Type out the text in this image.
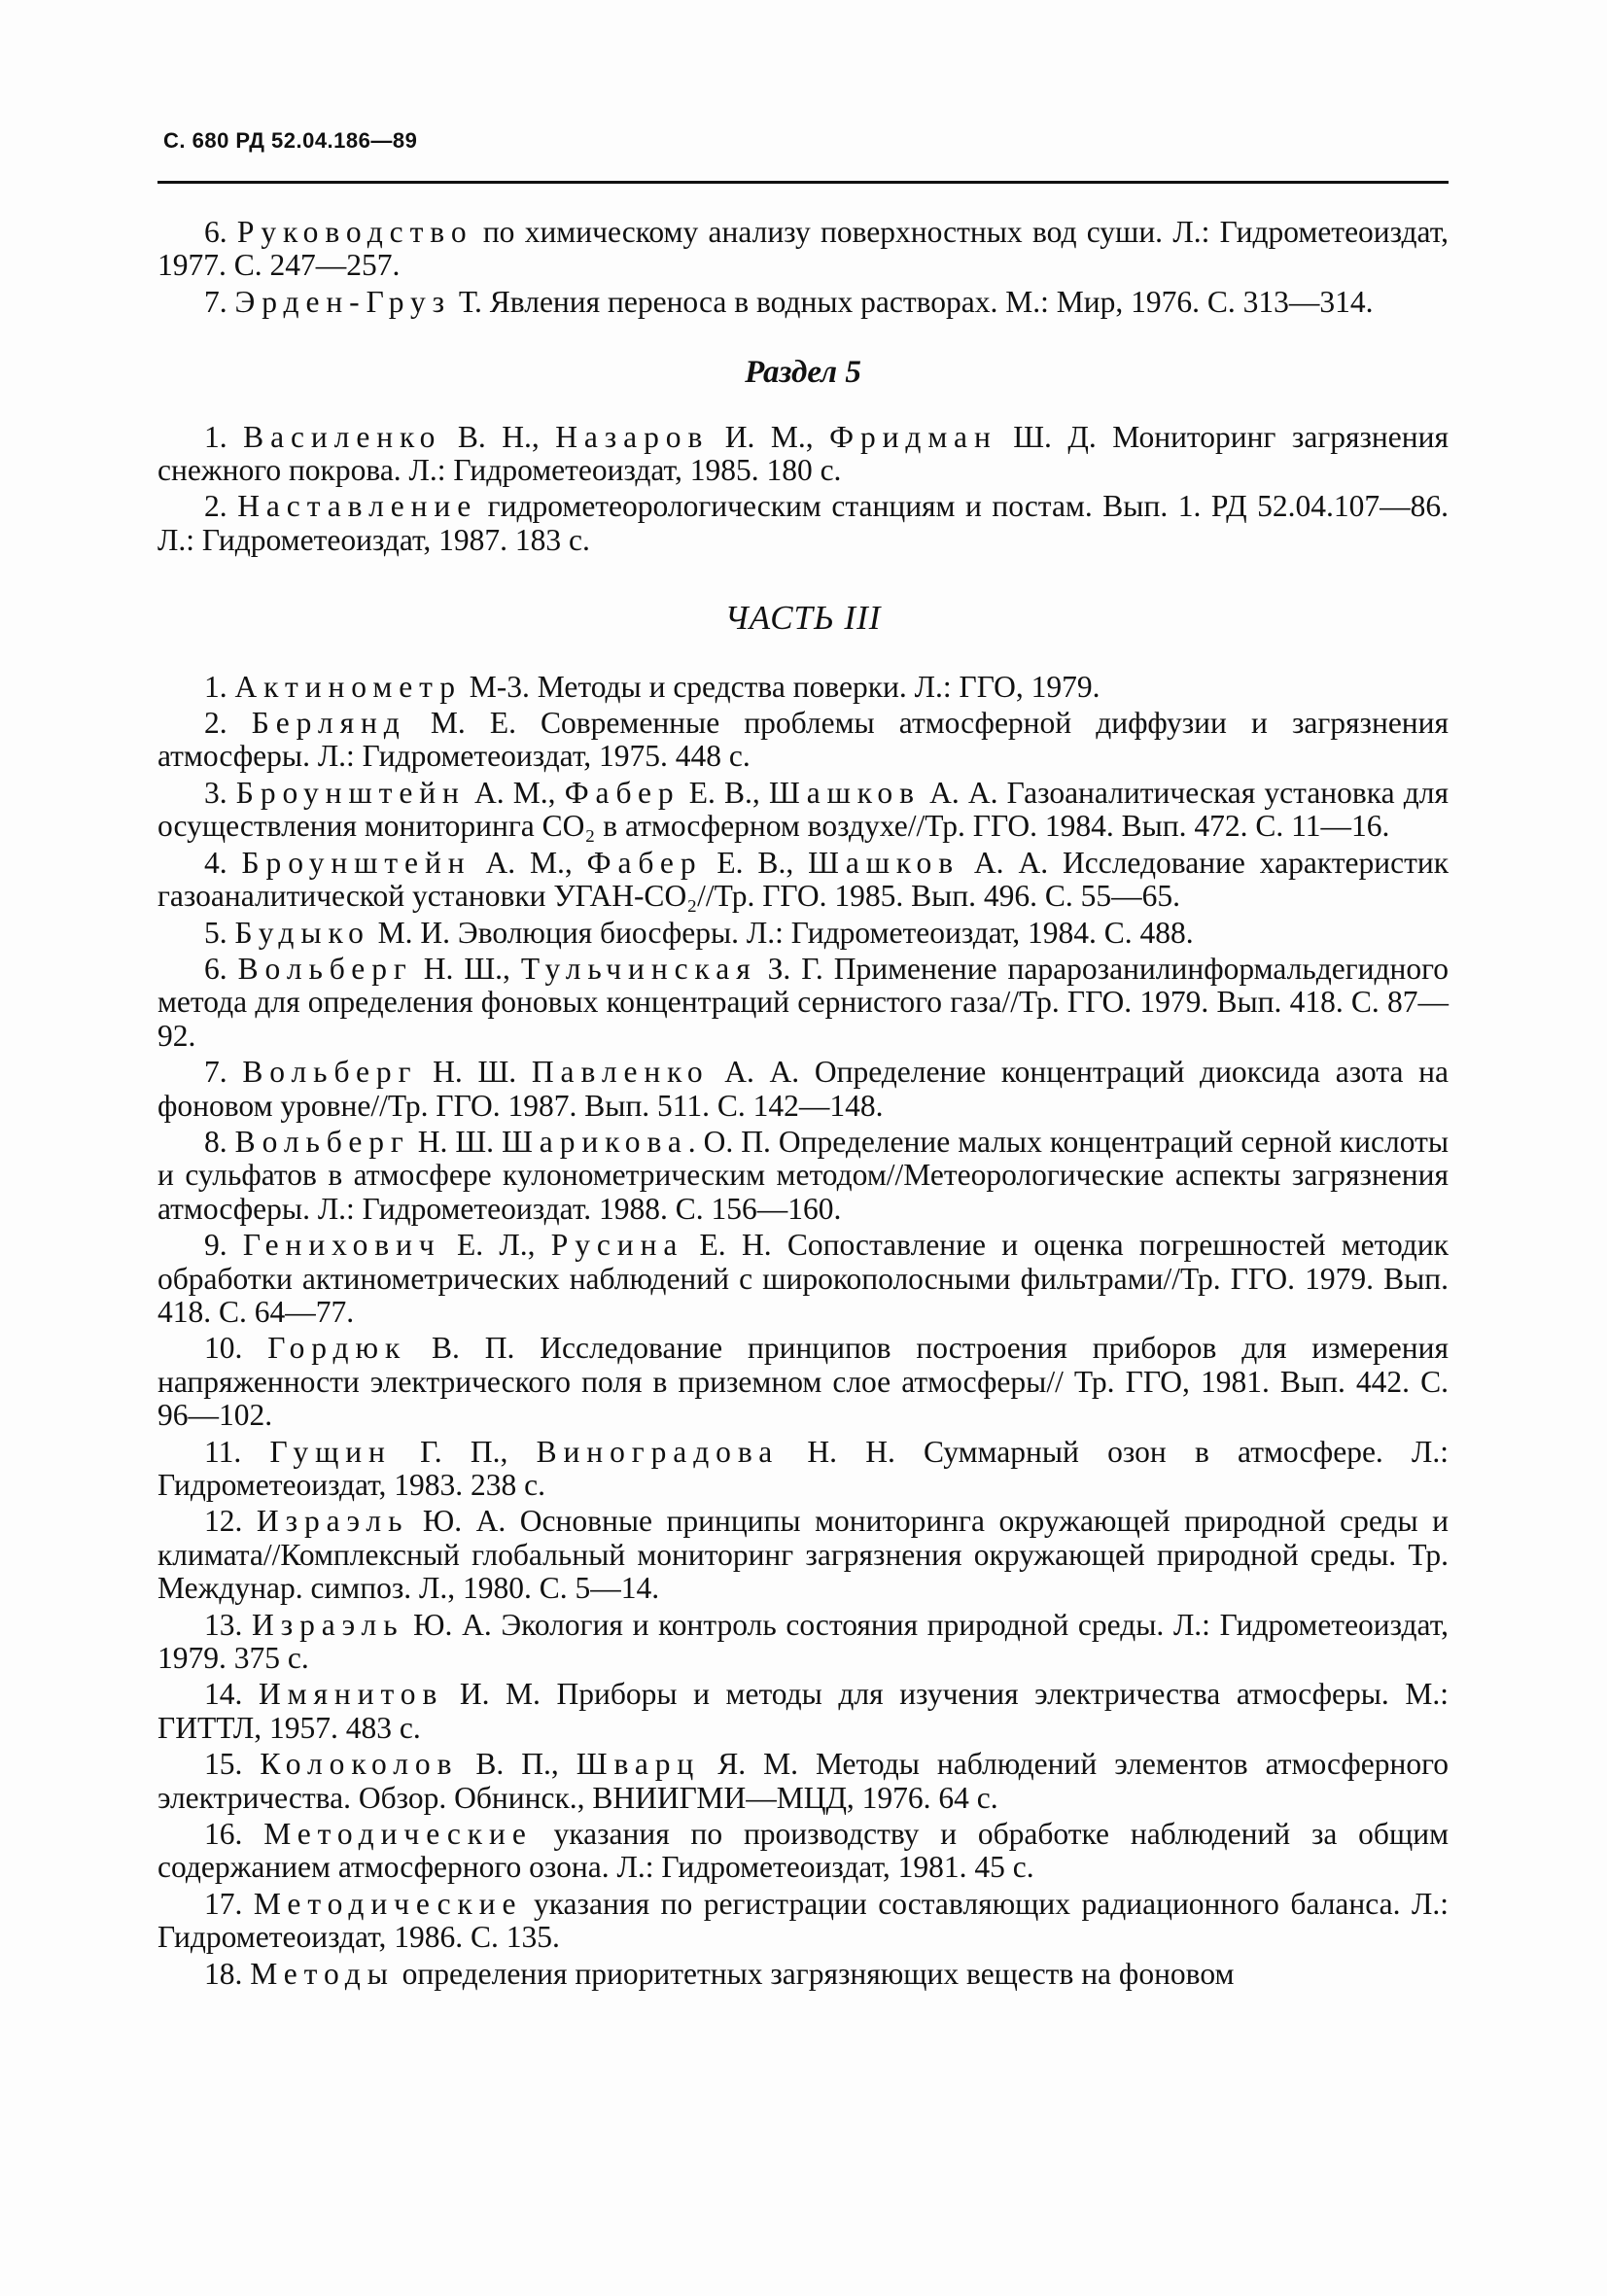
С. 680 РД 52.04.186—89

6. Руководство по химическому анализу поверхностных вод суши. Л.: Гидрометеоиздат, 1977. С. 247—257.

7. Эрден-Груз Т. Явления переноса в водных растворах. М.: Мир, 1976. С. 313—314.

Раздел 5

1. Василенко В. Н., Назаров И. М., Фридман Ш. Д. Мониторинг загрязнения снежного покрова. Л.: Гидрометеоиздат, 1985. 180 с.

2. Наставление гидрометеорологическим станциям и постам. Вып. 1. РД 52.04.107—86. Л.: Гидрометеоиздат, 1987. 183 с.

ЧАСТЬ III

1. Актинометр М-3. Методы и средства поверки. Л.: ГГО, 1979.

2. Берлянд М. Е. Современные проблемы атмосферной диффузии и загрязнения атмосферы. Л.: Гидрометеоиздат, 1975. 448 с.

3. Броунштейн А. М., Фабер Е. В., Шашков А. А. Газоаналитическая установка для осуществления мониторинга CO₂ в атмосферном воздухе//Тр. ГГО. 1984. Вып. 472. С. 11—16.

4. Броунштейн А. М., Фабер Е. В., Шашков А. А. Исследование характеристик газоаналитической установки УГАН-CO₂//Тр. ГГО. 1985. Вып. 496. С. 55—65.

5. Будыко М. И. Эволюция биосферы. Л.: Гидрометеоиздат, 1984. С. 488.

6. Вольберг Н. Ш., Тульчинская З. Г. Применение парарозанилинформальдегидного метода для определения фоновых концентраций сернистого газа//Тр. ГГО. 1979. Вып. 418. С. 87—92.

7. Вольберг Н. Ш. Павленко А. А. Определение концентраций диоксида азота на фоновом уровне//Тр. ГГО. 1987. Вып. 511. С. 142—148.

8. Вольберг Н. Ш. Шарикова. О. П. Определение малых концентраций серной кислоты и сульфатов в атмосфере кулонометрическим методом//Метеорологические аспекты загрязнения атмосферы. Л.: Гидрометеоиздат. 1988. С. 156—160.

9. Генихович Е. Л., Русина Е. Н. Сопоставление и оценка погрешностей методик обработки актинометрических наблюдений с широкополосными фильтрами//Тр. ГГО. 1979. Вып. 418. С. 64—77.

10. Гордюк В. П. Исследование принципов построения приборов для измерения напряженности электрического поля в приземном слое атмосферы// Тр. ГГО, 1981. Вып. 442. С. 96—102.

11. Гущин Г. П., Виноградова Н. Н. Суммарный озон в атмосфере. Л.: Гидрометеоиздат, 1983. 238 с.

12. Израэль Ю. А. Основные принципы мониторинга окружающей природной среды и климата//Комплексный глобальный мониторинг загрязнения окружающей природной среды. Тр. Междунар. симпоз. Л., 1980. С. 5—14.

13. Израэль Ю. А. Экология и контроль состояния природной среды. Л.: Гидрометеоиздат, 1979. 375 с.

14. Имянитов И. М. Приборы и методы для изучения электричества атмосферы. М.: ГИТТЛ, 1957. 483 с.

15. Колоколов В. П., Шварц Я. М. Методы наблюдений элементов атмосферного электричества. Обзор. Обнинск., ВНИИГМИ—МЦД, 1976. 64 с.

16. Методические указания по производству и обработке наблюдений за общим содержанием атмосферного озона. Л.: Гидрометеоиздат, 1981. 45 с.

17. Методические указания по регистрации составляющих радиационного баланса. Л.: Гидрометеоиздат, 1986. С. 135.

18. Методы определения приоритетных загрязняющих веществ на фоновом
